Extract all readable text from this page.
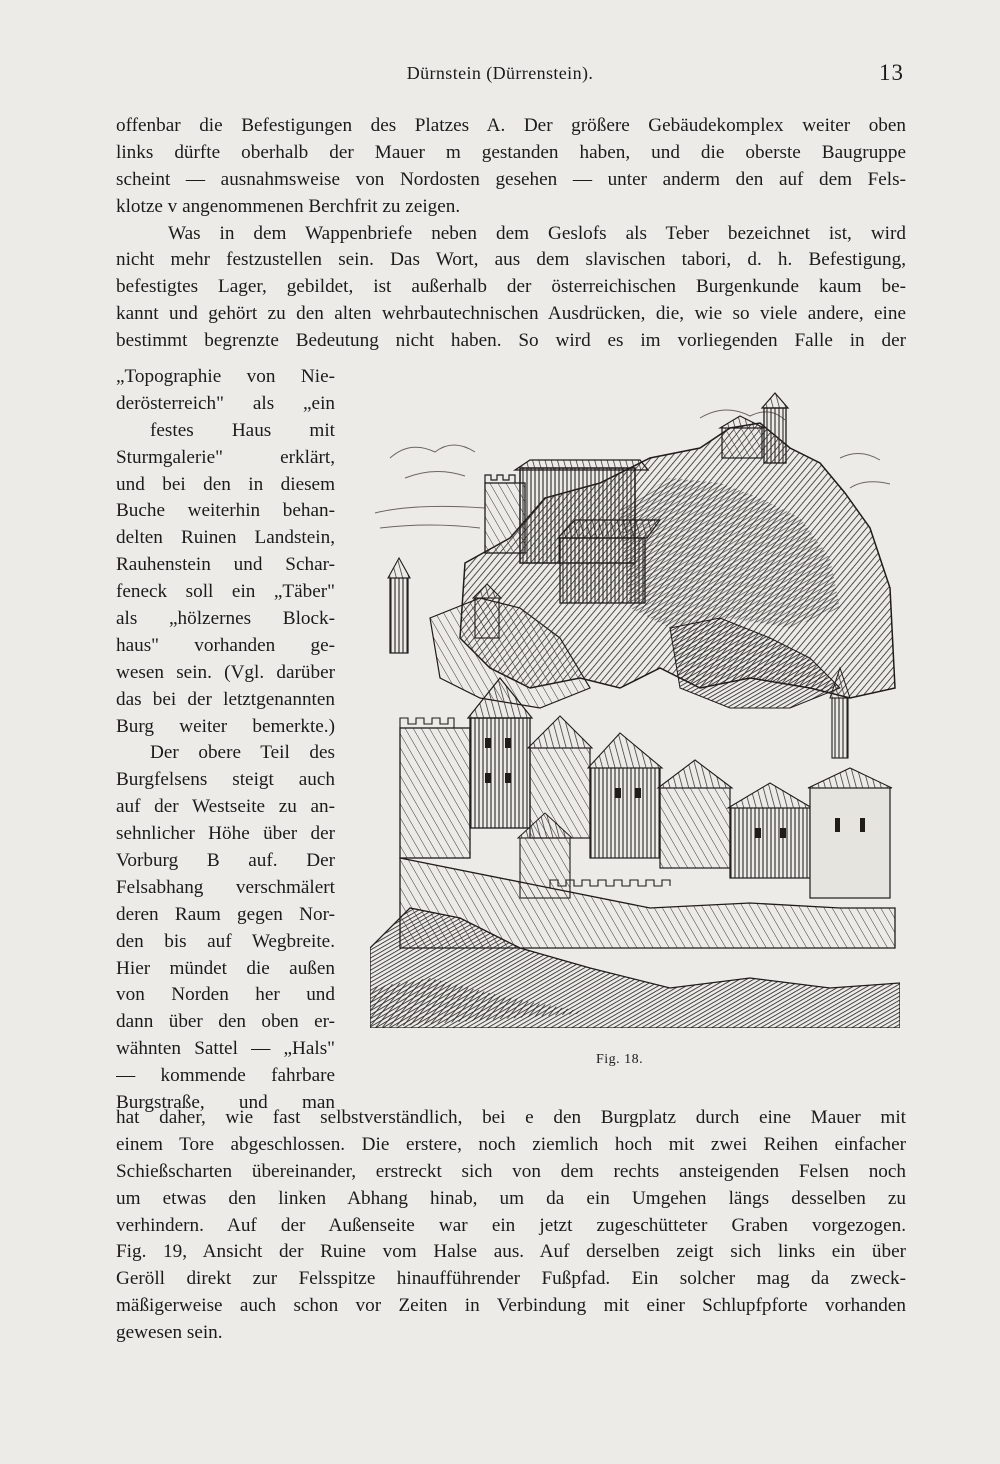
Dürnstein (Dürrenstein).	13
offenbar die Befestigungen des Platzes A. Der größere Gebäudekomplex weiter oben
links dürfte oberhalb der Mauer m gestanden haben, und die oberste Baugruppe
scheint — ausnahmsweise von Nordosten gesehen — unter anderm den auf dem Fels-
klotze v angenommenen Berchfrit zu zeigen.
Was in dem Wappenbriefe neben dem Geslofs als Teber bezeichnet ist, wird
nicht mehr festzustellen sein. Das Wort, aus dem slavischen tabori, d. h. Befestigung,
befestigtes Lager, gebildet, ist außerhalb der österreichischen Burgenkunde kaum be-
kannt und gehört zu den alten wehrbautechnischen Ausdrücken, die, wie so viele andere, eine
bestimmt begrenzte Bedeutung nicht haben. So wird es im vorliegenden Falle in der
„Topographie von Nie-
derösterreich" als „ein
festes Haus mit
Sturmgalerie" erklärt,
und bei den in diesem
Buche weiterhin behan-
delten Ruinen Landstein,
Rauhenstein und Schar-
feneck soll ein „Täber"
als „hölzernes Block-
haus" vorhanden ge-
wesen sein. (Vgl. darüber
das bei der letztgenannten
Burg weiter bemerkte.)
Der obere Teil des
Burgfelsens steigt auch
auf der Westseite zu an-
sehnlicher Höhe über der
Vorburg B auf. Der
Felsabhang verschmälert
deren Raum gegen Nor-
den bis auf Wegbreite.
Hier mündet die außen
von Norden her und
dann über den oben er-
wähnten Sattel — „Hals"
— kommende fahrbare
Burgstraße, und man
Fig. 18.
hat daher, wie fast selbstverständlich, bei e den Burgplatz durch eine Mauer mit
einem Tore abgeschlossen. Die erstere, noch ziemlich hoch mit zwei Reihen einfacher
Schießscharten übereinander, erstreckt sich von dem rechts ansteigenden Felsen noch
um etwas den linken Abhang hinab, um da ein Umgehen längs desselben zu
verhindern. Auf der Außenseite war ein jetzt zugeschütteter Graben vorgezogen.
Fig. 19, Ansicht der Ruine vom Halse aus. Auf derselben zeigt sich links ein über
Geröll direkt zur Felsspitze hinaufführender Fußpfad. Ein solcher mag da zweck-
mäßigerweise auch schon vor Zeiten in Verbindung mit einer Schlupfpforte vorhanden
gewesen sein.
